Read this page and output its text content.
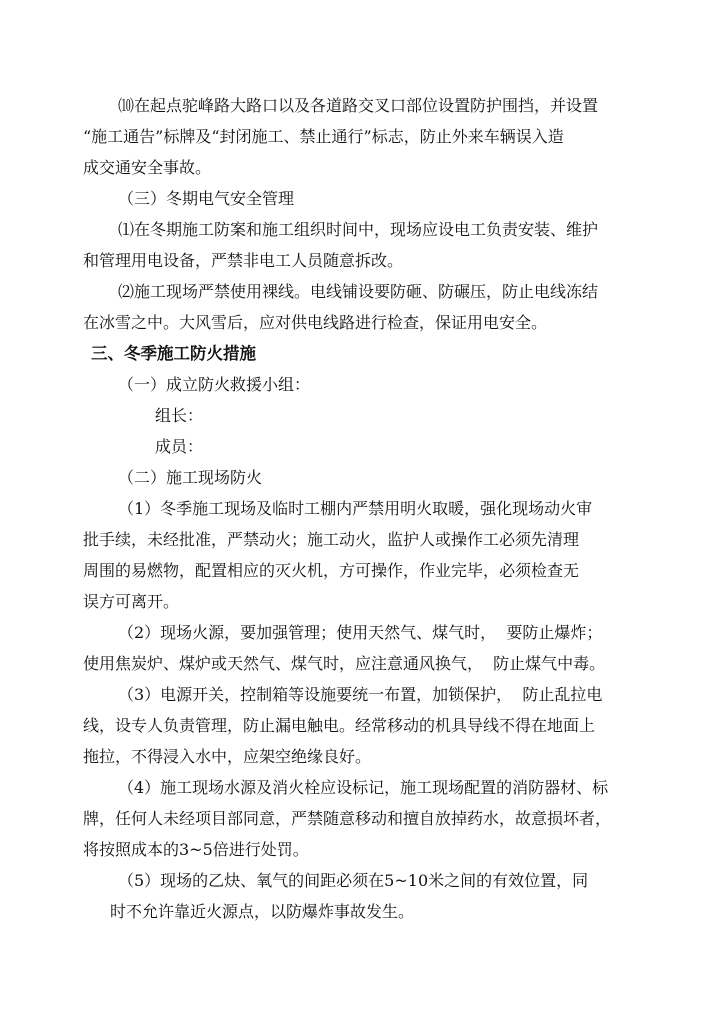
⑽在起点驼峰路大路口以及各道路交叉口部位设置防护围挡，并设置

“施工通告”标牌及“封闭施工、禁止通行”标志，防止外来车辆误入造

成交通安全事故。

（三）冬期电气安全管理

⑴在冬期施工防案和施工组织时间中，现场应设电工负责安装、维护

和管理用电设备，严禁非电工人员随意拆改。

⑵施工现场严禁使用裸线。电线铺设要防砸、防碾压，防止电线冻结

在冰雪之中。大风雪后，应对供电线路进行检查，保证用电安全。

三、冬季施工防火措施

（一）成立防火救援小组：

组长：

成员：

（二）施工现场防火

（1）冬季施工现场及临时工棚内严禁用明火取暖，强化现场动火审

批手续，未经批准，严禁动火；施工动火，监护人或操作工必须先清理

周围的易燃物，配置相应的灭火机，方可操作，作业完毕，必须检查无

误方可离开。

（2）现场火源，要加强管理；使用天然气、煤气时，  要防止爆炸；

使用焦炭炉、煤炉或天然气、煤气时，应注意通风换气，  防止煤气中毒。

（3）电源开关，控制箱等设施要统一布置，加锁保护，  防止乱拉电

线，设专人负责管理，防止漏电触电。经常移动的机具导线不得在地面上

拖拉，不得浸入水中，应架空绝缘良好。

（4）施工现场水源及消火栓应设标记，施工现场配置的消防器材、标

牌，任何人未经项目部同意，严禁随意移动和擅自放掉药水，故意损坏者，

将按照成本的3~5倍进行处罚。

（5）现场的乙炔、氧气的间距必须在5~10米之间的有效位置，同

时不允许靠近火源点，以防爆炸事故发生。
